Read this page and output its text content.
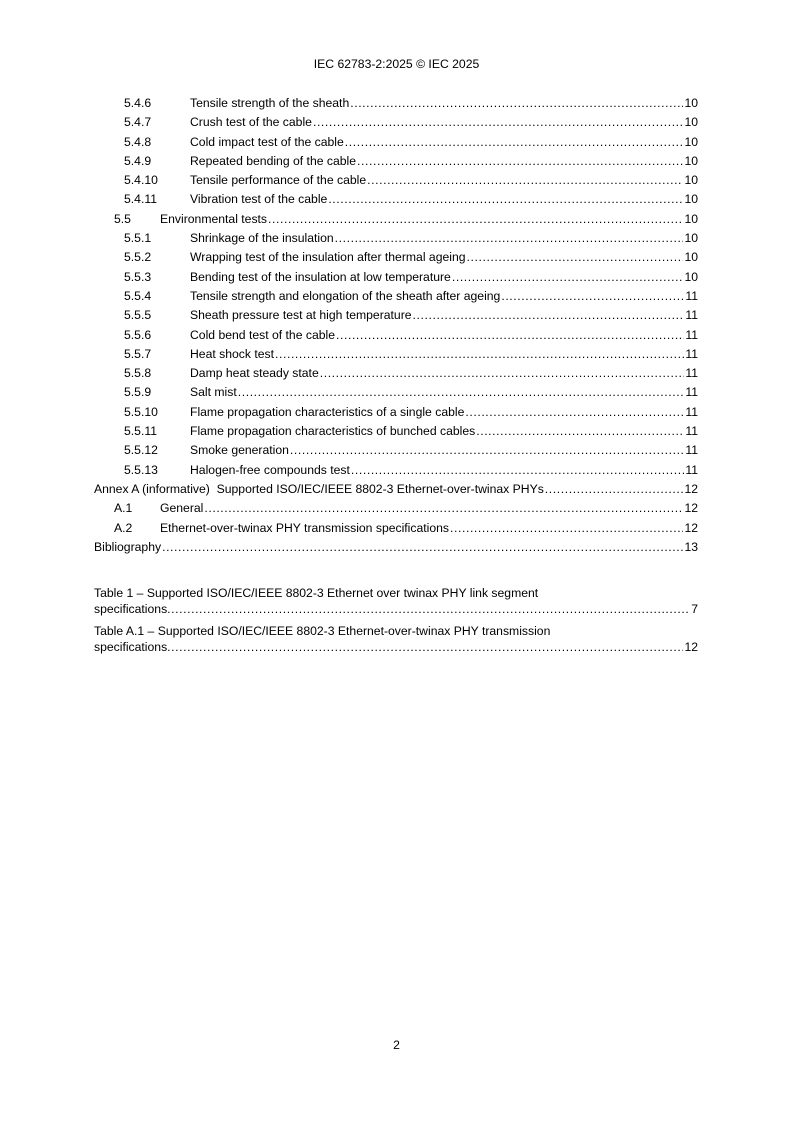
IEC 62783-2:2025 © IEC 2025
5.4.6	Tensile strength of the sheath .....	10
5.4.7	Crush test of the cable .....	10
5.4.8	Cold impact test of the cable .....	10
5.4.9	Repeated bending of the cable .....	10
5.4.10	Tensile performance of the cable .....	10
5.4.11	Vibration test of the cable .....	10
5.5 Environmental tests .....	10
5.5.1	Shrinkage of the insulation .....	10
5.5.2	Wrapping test of the insulation after thermal ageing .....	10
5.5.3	Bending test of the insulation at low temperature .....	10
5.5.4	Tensile strength and elongation of the sheath after ageing .....	11
5.5.5	Sheath pressure test at high temperature .....	11
5.5.6	Cold bend test of the cable .....	11
5.5.7	Heat shock test .....	11
5.5.8	Damp heat steady state .....	11
5.5.9	Salt mist .....	11
5.5.10	Flame propagation characteristics of a single cable .....	11
5.5.11	Flame propagation characteristics of bunched cables .....	11
5.5.12	Smoke generation .....	11
5.5.13	Halogen-free compounds test .....	11
Annex A (informative)  Supported ISO/IEC/IEEE 8802-3 Ethernet-over-twinax PHYs .....	12
A.1 General .....	12
A.2 Ethernet-over-twinax PHY transmission specifications .....	12
Bibliography .....	13
Table 1 – Supported ISO/IEC/IEEE 8802-3 Ethernet over twinax PHY link segment
specifications .....	7
Table A.1 – Supported ISO/IEC/IEEE 8802-3 Ethernet-over-twinax PHY transmission
specifications .....	12
2
